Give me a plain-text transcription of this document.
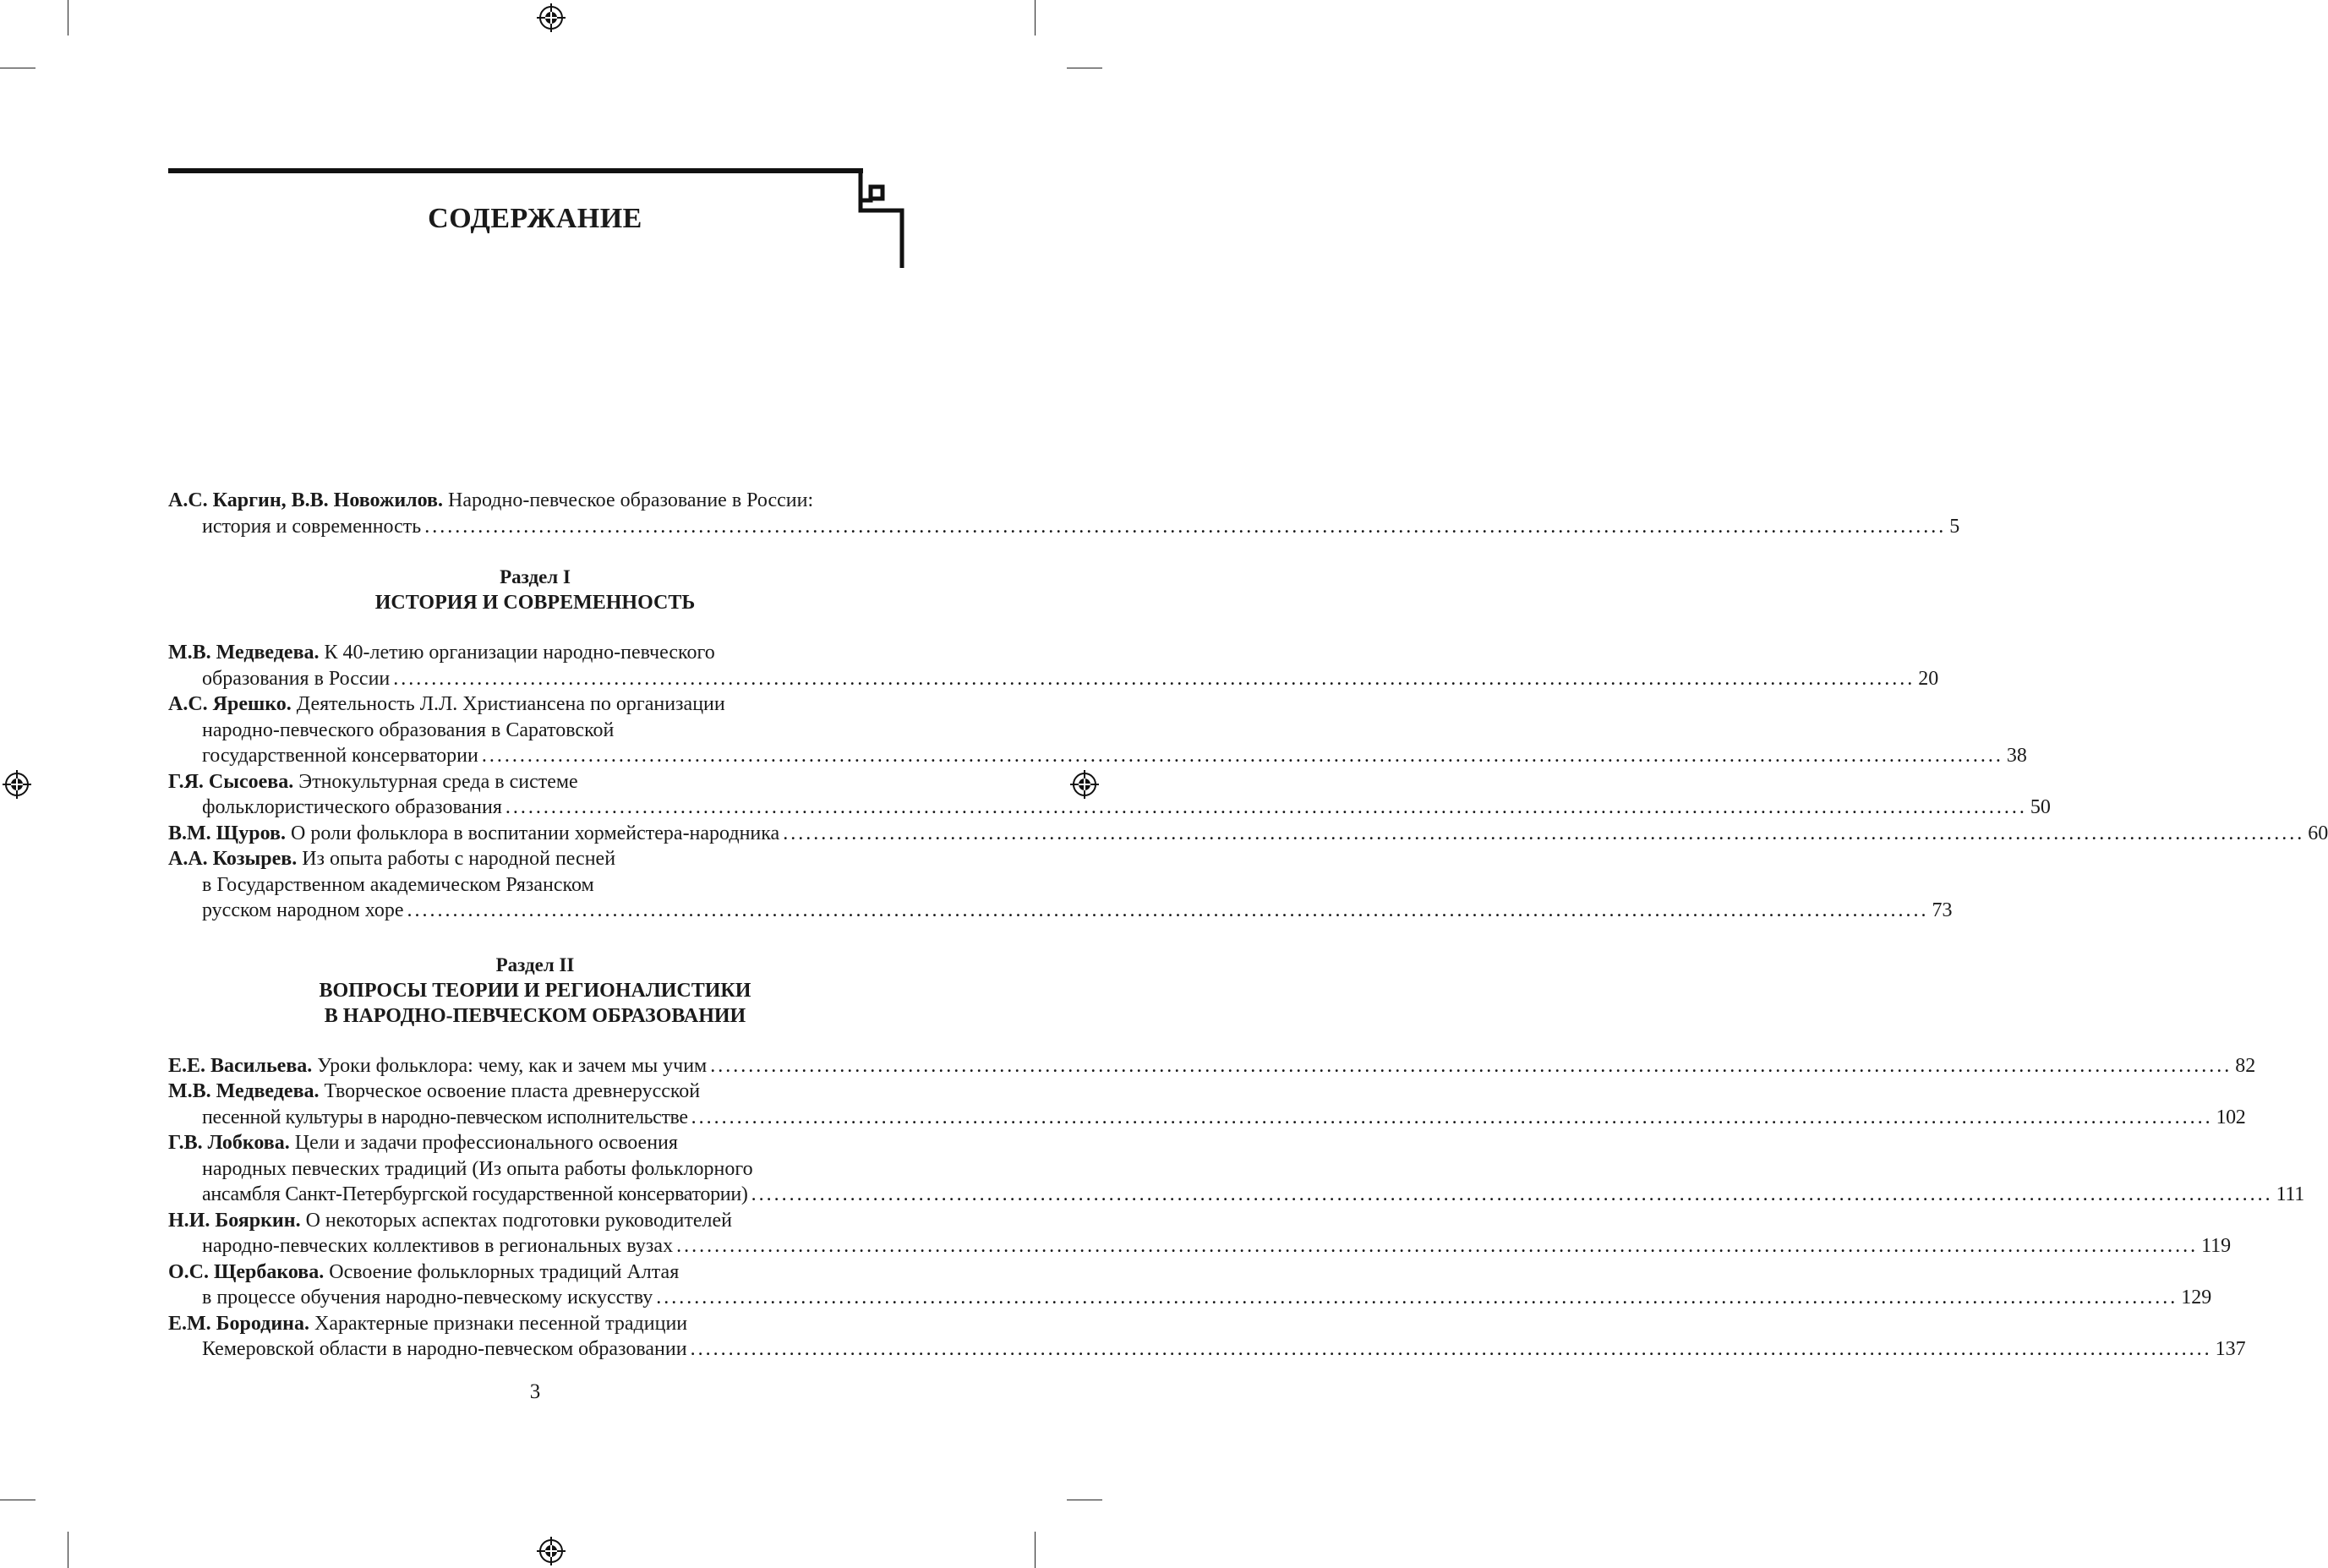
СОДЕРЖАНИЕ
А.С. Каргин, В.В. Новожилов. Народно-певческое образование в России:
история и современность ........................................................................................................................................................................................................ 5
Раздел I
ИСТОРИЯ И СОВРЕМЕННОСТЬ
М.В. Медведева. К 40-летию организации народно-певческого
образования в России ........................................................................................................................................................................................................ 20
А.С. Ярешко. Деятельность Л.Л. Христиансена по организации
народно-певческого образования в Саратовской
государственной консерватории ........................................................................................................................................................................................................ 38
Г.Я. Сысоева. Этнокультурная среда в системе
фольклористического образования ........................................................................................................................................................................................................ 50
В.М. Щуров. О роли фольклора в воспитании хормейстера-народника ........................................................................................................................................................................................................ 60
А.А. Козырев. Из опыта работы с народной песней
в Государственном академическом Рязанском
русском народном хоре ........................................................................................................................................................................................................ 73
Раздел II
ВОПРОСЫ ТЕОРИИ И РЕГИОНАЛИСТИКИ
В НАРОДНО-ПЕВЧЕСКОМ ОБРАЗОВАНИИ
Е.Е. Васильева. Уроки фольклора: чему, как и зачем мы учим ........................................................................................................................................................................................................ 82
М.В. Медведева. Творческое освоение пласта древнерусской
песенной культуры в народно-певческом исполнительстве ........................................................................................................................................................................................................ 102
Г.В. Лобкова. Цели и задачи профессионального освоения
народных певческих традиций (Из опыта работы фольклорного
ансамбля Санкт-Петербургской государственной консерватории) ........................................................................................................................................................................................................ 111
Н.И. Бояркин. О некоторых аспектах подготовки руководителей
народно-певческих коллективов в региональных вузах ........................................................................................................................................................................................................ 119
О.С. Щербакова. Освоение фольклорных традиций Алтая
в процессе обучения народно-певческому искусству ........................................................................................................................................................................................................ 129
Е.М. Бородина. Характерные признаки песенной традиции
Кемеровской области в народно-певческом образовании ........................................................................................................................................................................................................ 137
3
